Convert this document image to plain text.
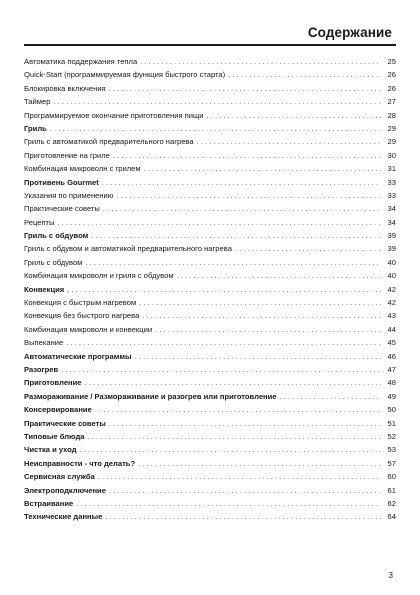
Содержание
Автоматика поддержания тепла . . .	25
Quick-Start (программируемая функция быстрого старта) . . .	26
Блокировка включения . . .	26
Таймер . . .	27
Программируемое окончание приготовления пищи . . .	28
Гриль . . .	29
Гриль с автоматикой предварительного нагрева . . .	29
Приготовление на гриле . . .	30
Комбинация микроволн с грилем . . .	31
Противень Gourmet . . .	33
Указания по применению . . .	33
Практические советы . . .	34
Рецепты . . .	34
Гриль с обдувом . . .	39
Гриль с обдувом и автоматикой предварительного нагрева . . .	39
Гриль с обдувом . . .	40
Комбинация микроволн и гриля с обдувом . . .	40
Конвекция . . .	42
Конвекция с быстрым нагревом . . .	42
Конвекция без быстрого нагрева . . .	43
Комбинация микроволн и конвекции . . .	44
Выпекание . . .	45
Автоматические программы . . .	46
Разогрев . . .	47
Приготовление . . .	48
Размораживание / Размораживание и разогрев или приготовление . . .	49
Консервирование . . .	50
Практические советы . . .	51
Типовые блюда . . .	52
Чистка и уход . . .	53
Неисправности - что делать? . . .	57
Сервисная служба . . .	60
Электроподключение . . .	61
Встраивание . . .	62
Технические данные . . .	64
3
